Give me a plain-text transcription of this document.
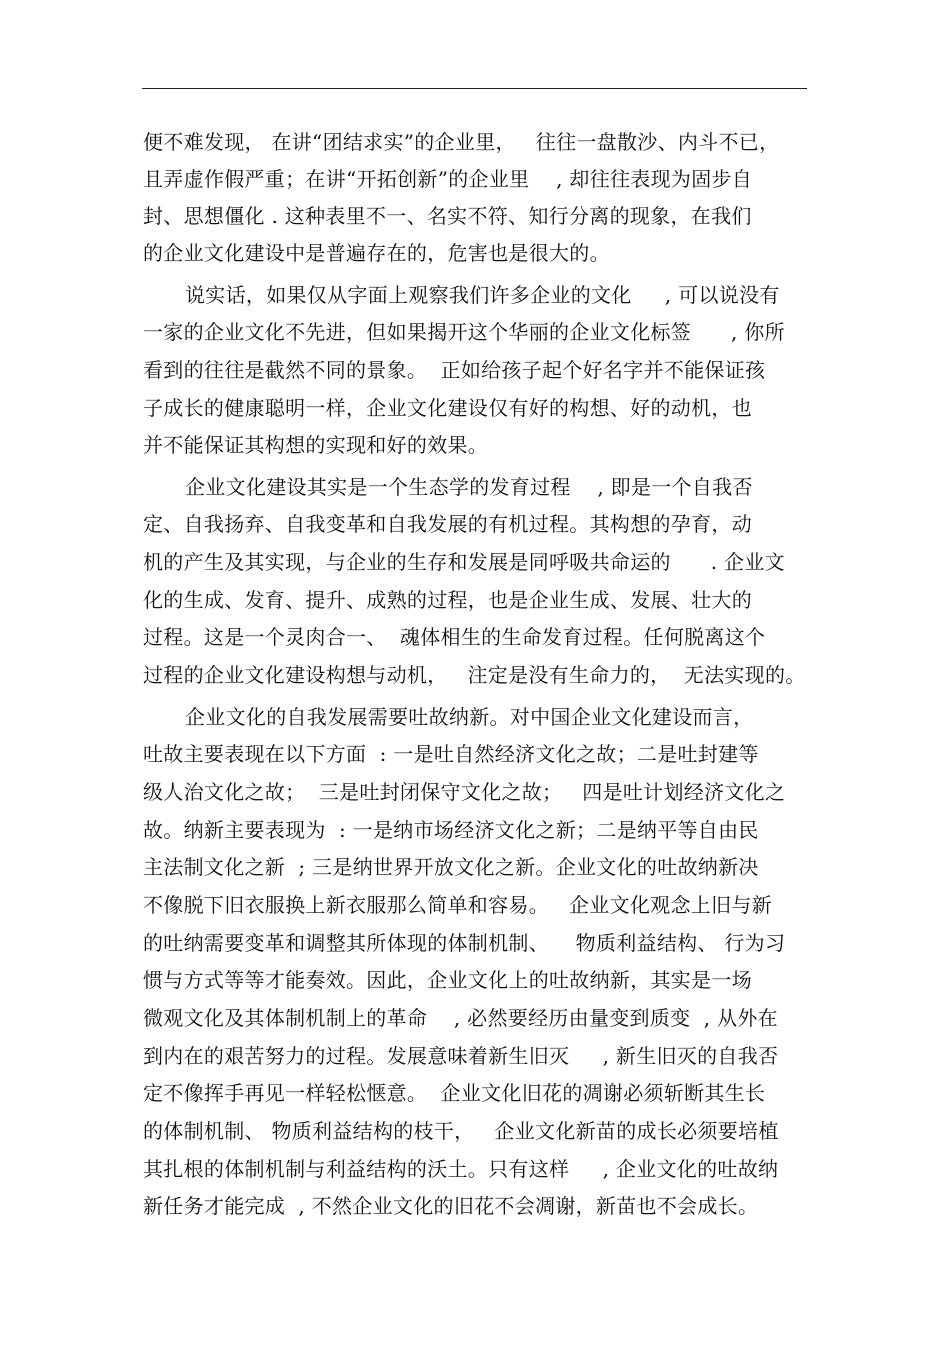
便不难发现， 在讲“团结求实”的企业里，   往往一盘散沙、内斗不已，
且弄虚作假严重；在讲“开拓创新”的企业里    , 却往往表现为固步自
封、思想僵化 . 这种表里不一、名实不符、知行分离的现象，在我们
的企业文化建设中是普遍存在的，危害也是很大的。
说实话，如果仅从字面上观察我们许多企业的文化     , 可以说没有
一家的企业文化不先进，但如果揭开这个华丽的企业文化标签      , 你所
看到的往往是截然不同的景象。  正如给孩子起个好名字并不能保证孩
子成长的健康聪明一样，企业文化建设仅有好的构想、好的动机，也
并不能保证其构想的实现和好的效果。
企业文化建设其实是一个生态学的发育过程    , 即是一个自我否
定、自我扬弃、自我变革和自我发展的有机过程。其构想的孕育，动
机的产生及其实现，与企业的生存和发展是同呼吸共命运的      . 企业文
化的生成、发育、提升、成熟的过程，也是企业生成、发展、壮大的
过程。这是一个灵肉合一、  魂体相生的生命发育过程。任何脱离这个
过程的企业文化建设构想与动机，   注定是没有生命力的，  无法实现的。
企业文化的自我发展需要吐故纳新。对中国企业文化建设而言，
吐故主要表现在以下方面  : 一是吐自然经济文化之故；二是吐封建等
级人治文化之故；  三是吐封闭保守文化之故；   四是吐计划经济文化之
故。纳新主要表现为  : 一是纳市场经济文化之新；二是纳平等自由民
主法制文化之新  ; 三是纳世界开放文化之新。企业文化的吐故纳新决
不像脱下旧衣服换上新衣服那么简单和容易。   企业文化观念上旧与新
的吐纳需要变革和调整其所体现的体制机制、    物质利益结构、 行为习
惯与方式等等才能奏效。因此，企业文化上的吐故纳新，其实是一场
微观文化及其体制机制上的革命    , 必然要经历由量变到质变  , 从外在
到内在的艰苦努力的过程。发展意味着新生旧灭     , 新生旧灭的自我否
定不像挥手再见一样轻松惬意。  企业文化旧花的凋谢必须斩断其生长
的体制机制、 物质利益结构的枝干，   企业文化新苗的成长必须要培植
其扎根的体制机制与利益结构的沃土。只有这样     , 企业文化的吐故纳
新任务才能完成  , 不然企业文化的旧花不会凋谢，新苗也不会成长。
